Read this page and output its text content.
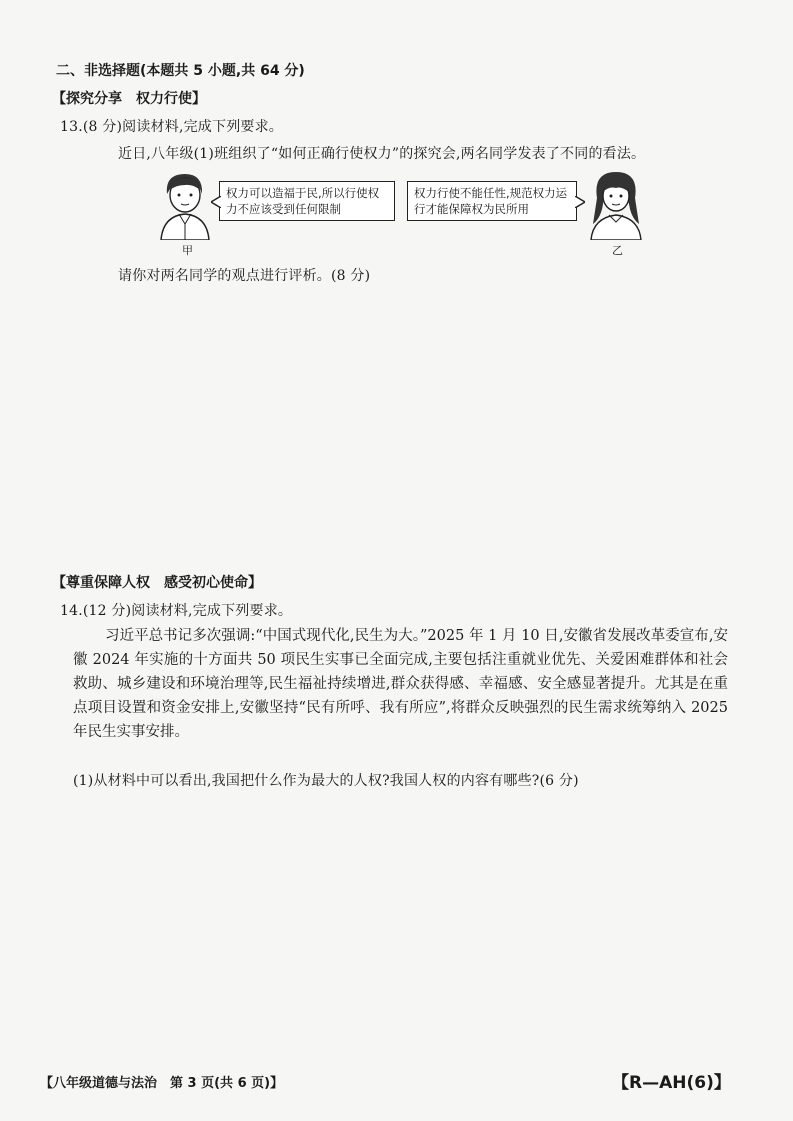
二、非选择题(本题共 5 小题,共 64 分)
【探究分享　权力行使】
13.(8 分)阅读材料,完成下列要求。
近日,八年级(1)班组织了“如何正确行使权力”的探究会,两名同学发表了不同的看法。
甲
权力可以造福于民,所以行使权力不应该受到任何限制
权力行使不能任性,规范权力运行才能保障权为民所用
乙
请你对两名同学的观点进行评析。(8 分)
【尊重保障人权　感受初心使命】
14.(12 分)阅读材料,完成下列要求。
习近平总书记多次强调:“中国式现代化,民生为大。”2025 年 1 月 10 日,安徽省发展改革委宣布,安徽 2024 年实施的十方面共 50 项民生实事已全面完成,主要包括注重就业优先、关爱困难群体和社会救助、城乡建设和环境治理等,民生福祉持续增进,群众获得感、幸福感、安全感显著提升。尤其是在重点项目设置和资金安排上,安徽坚持“民有所呼、我有所应”,将群众反映强烈的民生需求统筹纳入 2025 年民生实事安排。
(1)从材料中可以看出,我国把什么作为最大的人权?我国人权的内容有哪些?(6 分)
【八年级道德与法治　第 3 页(共 6 页)】	【R—AH(6)】
